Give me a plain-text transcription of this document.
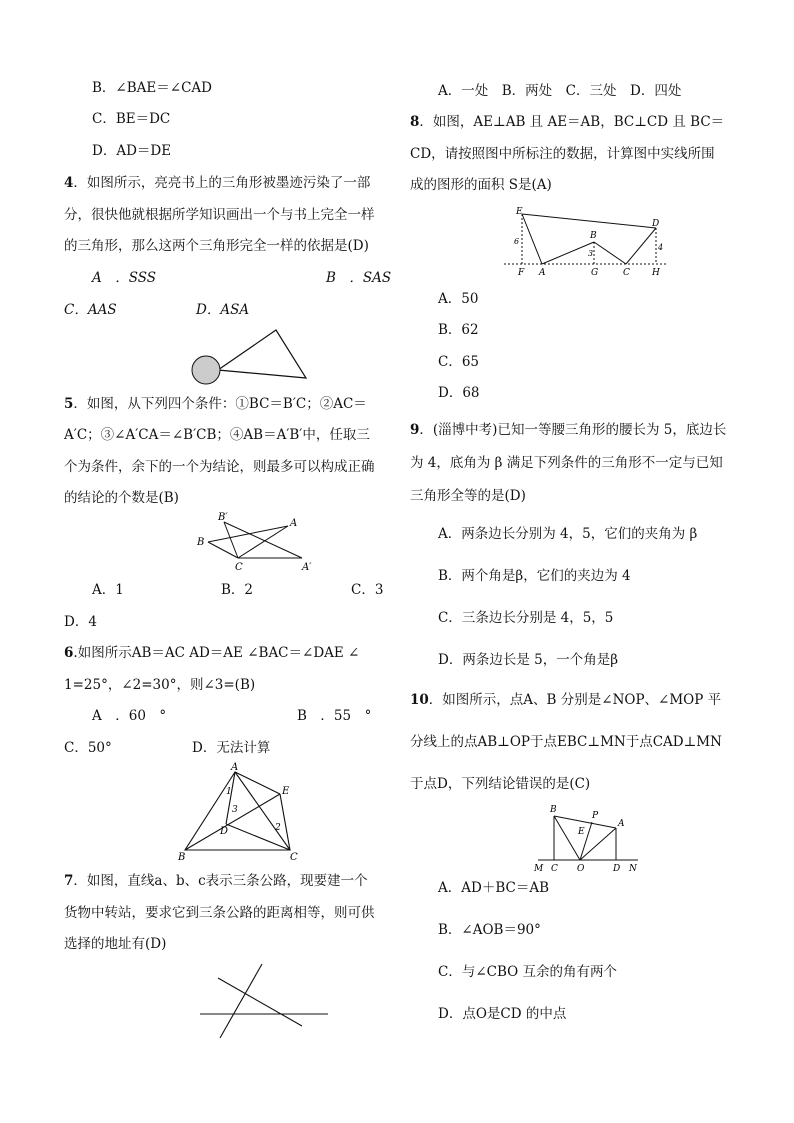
B．∠BAE＝∠CAD
C．BE＝DC
D．AD＝DE
4．如图所示，亮亮书上的三角形被墨迹污染了一部
分，很快他就根据所学知识画出一个与书上完全一样
的三角形，那么这两个三角形完全一样的依据是(D)
A　．SSS	B　．SAS
C．AAS	D．ASA
5．如图，从下列四个条件：①BC＝B′C；②AC＝
A′C；③∠A′CA＝∠B′CB；④AB＝A′B′中，任取三
个为条件，余下的一个为结论，则最多可以构成正确
的结论的个数是(B)
B′
A
B
C	A′
A．1	B．2	C．3
D．4
6.如图所示AB＝AC AD＝AE ∠BAC＝∠DAE ∠
1=25°，∠2=30°，则∠3=(B)
A　．60　°	B　．55　°
C．50°	D．无法计算
A
E
D
B	C
1
3
2
7．如图，直线a、b、c表示三条公路，现要建一个
货物中转站，要求它到三条公路的距离相等，则可供
选择的地址有(D)
A．一处　B．两处　C．三处　D．四处
8．如图，AE⊥AB 且 AE＝AB，BC⊥CD 且 BC＝
CD，请按照图中所标注的数据，计算图中实线所围
成的图形的面积 S是(A)
E
D
B
F A	G	C H
6
3
4
A．50
B．62
C．65
D．68
9．(淄博中考)已知一等腰三角形的腰长为 5，底边长
为 4，底角为 β 满足下列条件的三角形不一定与已知
三角形全等的是(D)
A．两条边长分别为 4，5，它们的夹角为 β
B．两个角是β，它们的夹边为 4
C．三条边长分别是 4，5，5
D．两条边长是 5，一个角是β
10．如图所示，点A、B 分别是∠NOP、∠MOP 平
分线上的点AB⊥OP于点EBC⊥MN于点CAD⊥MN
于点D，下列结论错误的是(C)
B
P
A
E
M C O	D N
A．AD＋BC＝AB
B．∠AOB＝90°
C．与∠CBO 互余的角有两个
D．点O是CD 的中点
